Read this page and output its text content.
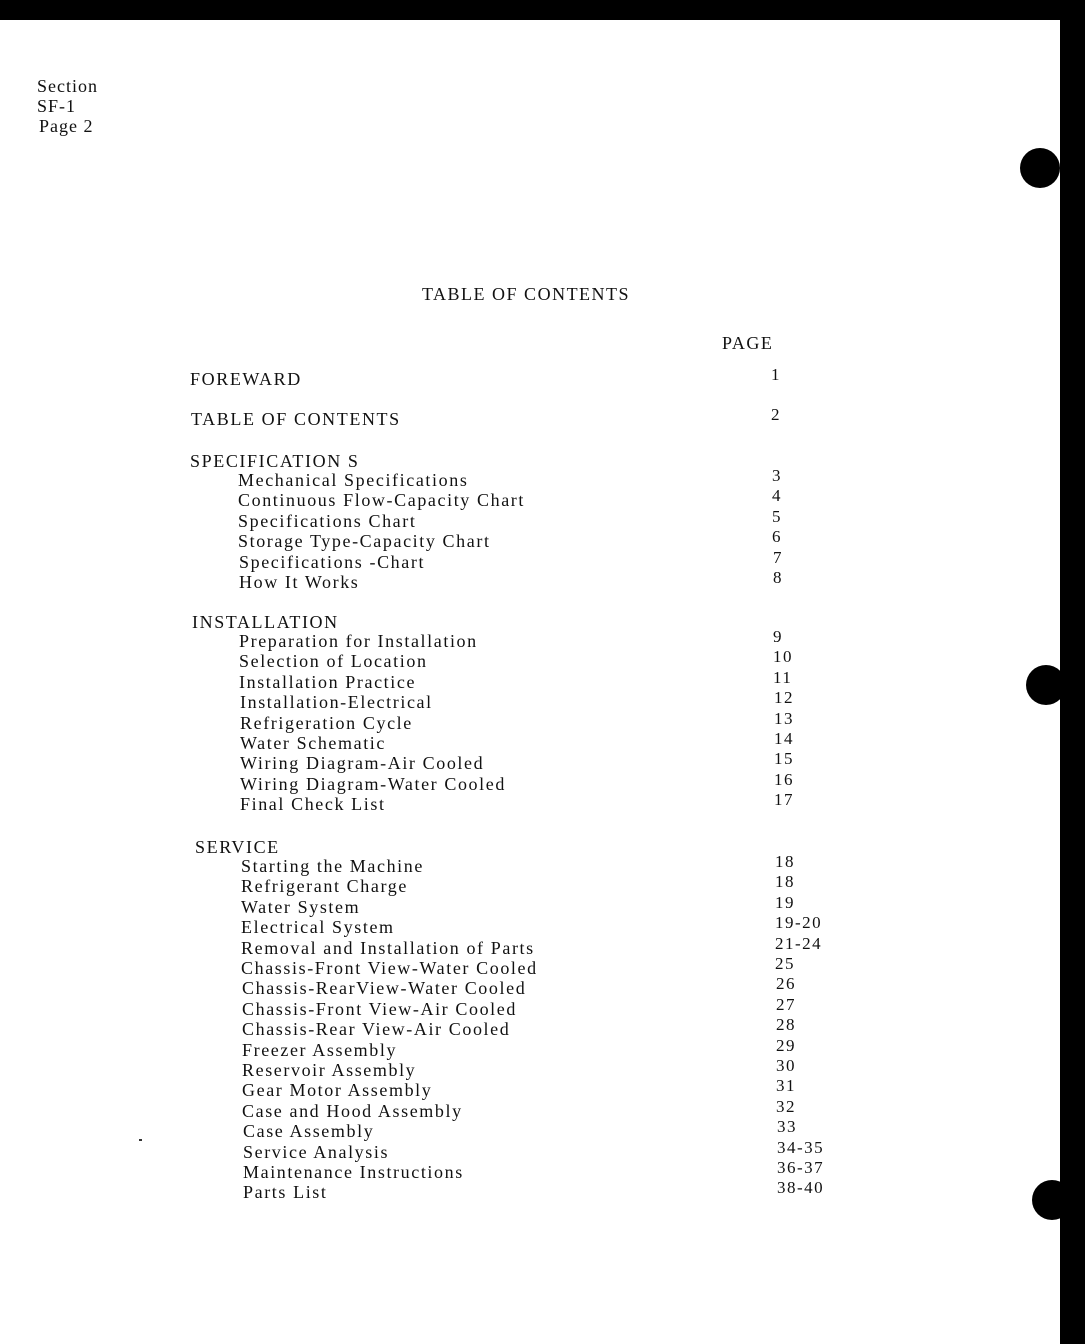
Section
SF-1
Page 2
TABLE OF CONTENTS
PAGE
FOREWARD	1
TABLE OF CONTENTS	2
SPECIFICATION S
Mechanical Specifications	3
Continuous Flow-Capacity Chart	4
Specifications Chart	5
Storage Type-Capacity Chart	6
Specifications -Chart	7
How It Works	8
INSTALLATION
Preparation for Installation	9
Selection of Location	10
Installation Practice	11
Installation-Electrical	12
Refrigeration Cycle	13
Water Schematic	14
Wiring Diagram-Air Cooled	15
Wiring Diagram-Water Cooled	16
Final Check List	17
SERVICE
Starting the Machine	18
Refrigerant Charge	18
Water System	19
Electrical System	19-20
Removal and Installation of Parts	21-24
Chassis-Front View-Water Cooled	25
Chassis-RearView-Water Cooled	26
Chassis-Front View-Air Cooled	27
Chassis-Rear View-Air Cooled	28
Freezer Assembly	29
Reservoir Assembly	30
Gear Motor Assembly	31
Case and Hood Assembly	32
Case Assembly	33
Service Analysis	34-35
Maintenance Instructions	36-37
Parts List	38-40
